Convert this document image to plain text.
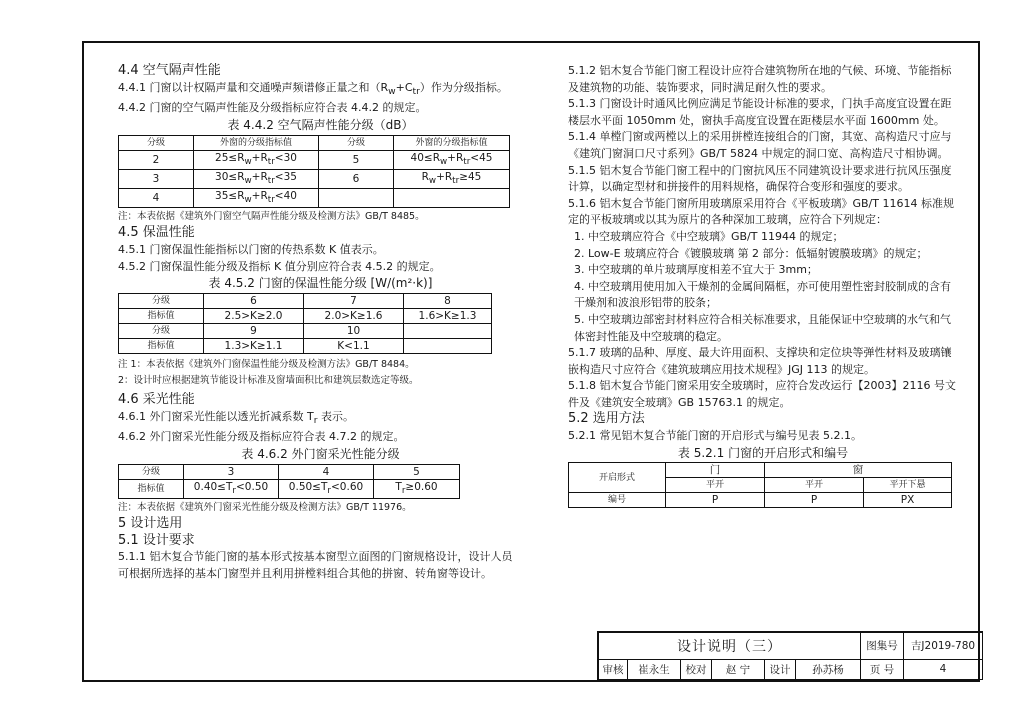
4.4 空气隔声性能
4.4.1 门窗以计权隔声量和交通噪声频谱修正量之和$(R_w+C_{tr})$作为分级指标。
4.4.2 门窗的空气隔声性能及分级指标应符合表 4.4.2 的规定。
表 4.4.2 空气隔声性能分级（dB）
分级	外窗的分级指标值	分级	外窗的分级指标值
2	$25\le R_w+R_{tr}<30$	5	$40\le R_w+R_{tr}<45$
3	$30\le R_w+R_{tr}<35$	6	$R_w+R_{tr}\ge 45$
4	$35\le R_w+R_{tr}<40$		
注：本表依据《建筑外门窗空气隔声性能分级及检测方法》GB/T 8485。
4.5 保温性能
4.5.1 门窗保温性能指标以门窗的传热系数 K 值表示。
4.5.2 门窗保温性能分级及指标 K 值分别应符合表 4.5.2 的规定。
表 4.5.2 门窗的保温性能分级 [W/(m²·k)]
分级	6	7	8
指标值	2.5>K≥2.0	2.0>K≥1.6	1.6>K≥1.3
分级	9	10	
指标值	1.3>K≥1.1	K<1.1	
注 1：本表依据《建筑外门窗保温性能分级及检测方法》GB/T 8484。
2：设计时应根据建筑节能设计标准及窗墙面积比和建筑层数选定等级。
4.6 采光性能
4.6.1 外门窗采光性能以透光折减系数 $T_r$ 表示。
4.6.2 外门窗采光性能分级及指标应符合表 4.7.2 的规定。
表 4.6.2 外门窗采光性能分级
分级	3	4	5
指标值	$0.40\le T_r<0.50$	$0.50\le T_r<0.60$	$T_r\ge 0.60$
注：本表依据《建筑外门窗采光性能分级及检测方法》GB/T 11976。
5 设计选用
5.1 设计要求
5.1.1 铝木复合节能门窗的基本形式按基本窗型立面图的门窗规格设计，设计人员可根据所选择的基本门窗型并且利用拼樘料组合其他的拼窗、转角窗等设计。
5.1.2 铝木复合节能门窗工程设计应符合建筑物所在地的气候、环境、节能指标及建筑物的功能、装饰要求，同时满足耐久性的要求。
5.1.3 门窗设计时通风比例应满足节能设计标准的要求，门执手高度宜设置在距楼层水平面 1050mm 处，窗执手高度宜设置在距楼层水平面 1600mm 处。
5.1.4 单樘门窗或两樘以上的采用拼樘连接组合的门窗，其宽、高构造尺寸应与《建筑门窗洞口尺寸系列》GB/T 5824 中规定的洞口宽、高构造尺寸相协调。
5.1.5 铝木复合节能门窗工程中的门窗抗风压不同建筑设计要求进行抗风压强度计算，以确定型材和拼接件的用料规格，确保符合变形和强度的要求。
5.1.6 铝木复合节能门窗所用玻璃原采用符合《平板玻璃》GB/T 11614 标准规定的平板玻璃或以其为原片的各种深加工玻璃，应符合下列规定：
1. 中空玻璃应符合《中空玻璃》GB/T 11944 的规定；
2. Low-E 玻璃应符合《镀膜玻璃 第 2 部分：低辐射镀膜玻璃》的规定；
3. 中空玻璃的单片玻璃厚度相差不宜大于 3mm；
4. 中空玻璃用使用加入干燥剂的金属间隔框，亦可使用塑性密封胶制成的含有干燥剂和波浪形铝带的胶条；
5. 中空玻璃边部密封材料应符合相关标准要求，且能保证中空玻璃的水气和气体密封性能及中空玻璃的稳定。
5.1.7 玻璃的品种、厚度、最大许用面积、支撑块和定位块等弹性材料及玻璃镶嵌构造尺寸应符合《建筑玻璃应用技术规程》JGJ 113 的规定。
5.1.8 铝木复合节能门窗采用安全玻璃时，应符合发改运行【2003】2116 号文件及《建筑安全玻璃》GB 15763.1 的规定。
5.2 选用方法
5.2.1 常见铝木复合节能门窗的开启形式与编号见表 5.2.1。
表 5.2.1 门窗的开启形式和编号
开启形式	门	窗	
	平开	平开	平开下悬
编号	P	P	PX
设计说明（三）						图集号	吉J2019-780
审核	崔永生	校对	赵 宁	设计	孙苏杨	页 号	4
